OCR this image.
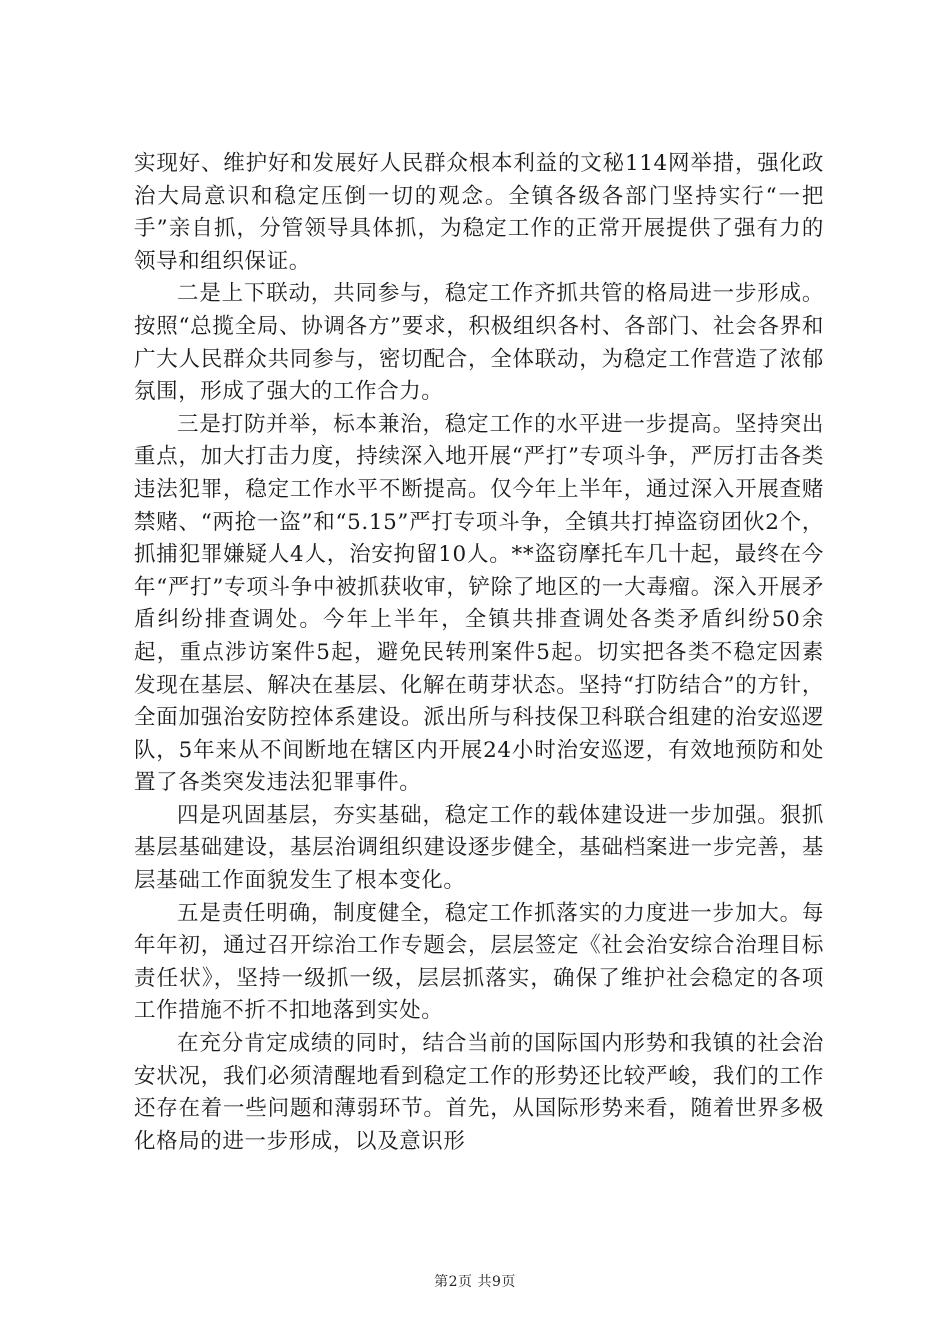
实现好、维护好和发展好人民群众根本利益的文秘114网举措，强化政治大局意识和稳定压倒一切的观念。全镇各级各部门坚持实行“一把手”亲自抓，分管领导具体抓，为稳定工作的正常开展提供了强有力的领导和组织保证。

二是上下联动，共同参与，稳定工作齐抓共管的格局进一步形成。按照“总揽全局、协调各方”要求，积极组织各村、各部门、社会各界和广大人民群众共同参与，密切配合，全体联动，为稳定工作营造了浓郁氛围，形成了强大的工作合力。

三是打防并举，标本兼治，稳定工作的水平进一步提高。坚持突出重点，加大打击力度，持续深入地开展“严打”专项斗争，严厉打击各类违法犯罪，稳定工作水平不断提高。仅今年上半年，通过深入开展查赌禁赌、“两抢一盗”和“5.15”严打专项斗争，全镇共打掉盗窃团伙2个，抓捕犯罪嫌疑人4人，治安拘留10人。**盗窃摩托车几十起，最终在今年“严打”专项斗争中被抓获收审，铲除了地区的一大毒瘤。深入开展矛盾纠纷排查调处。今年上半年，全镇共排查调处各类矛盾纠纷50余起，重点涉访案件5起，避免民转刑案件5起。切实把各类不稳定因素发现在基层、解决在基层、化解在萌芽状态。坚持“打防结合”的方针，全面加强治安防控体系建设。派出所与科技保卫科联合组建的治安巡逻队，5年来从不间断地在辖区内开展24小时治安巡逻，有效地预防和处置了各类突发违法犯罪事件。

四是巩固基层，夯实基础，稳定工作的载体建设进一步加强。狠抓基层基础建设，基层治调组织建设逐步健全，基础档案进一步完善，基层基础工作面貌发生了根本变化。

五是责任明确，制度健全，稳定工作抓落实的力度进一步加大。每年年初，通过召开综治工作专题会，层层签定《社会治安综合治理目标责任状》，坚持一级抓一级，层层抓落实，确保了维护社会稳定的各项工作措施不折不扣地落到实处。

在充分肯定成绩的同时，结合当前的国际国内形势和我镇的社会治安状况，我们必须清醒地看到稳定工作的形势还比较严峻，我们的工作还存在着一些问题和薄弱环节。首先，从国际形势来看，随着世界多极化格局的进一步形成，以及意识形

第2页 共9页
